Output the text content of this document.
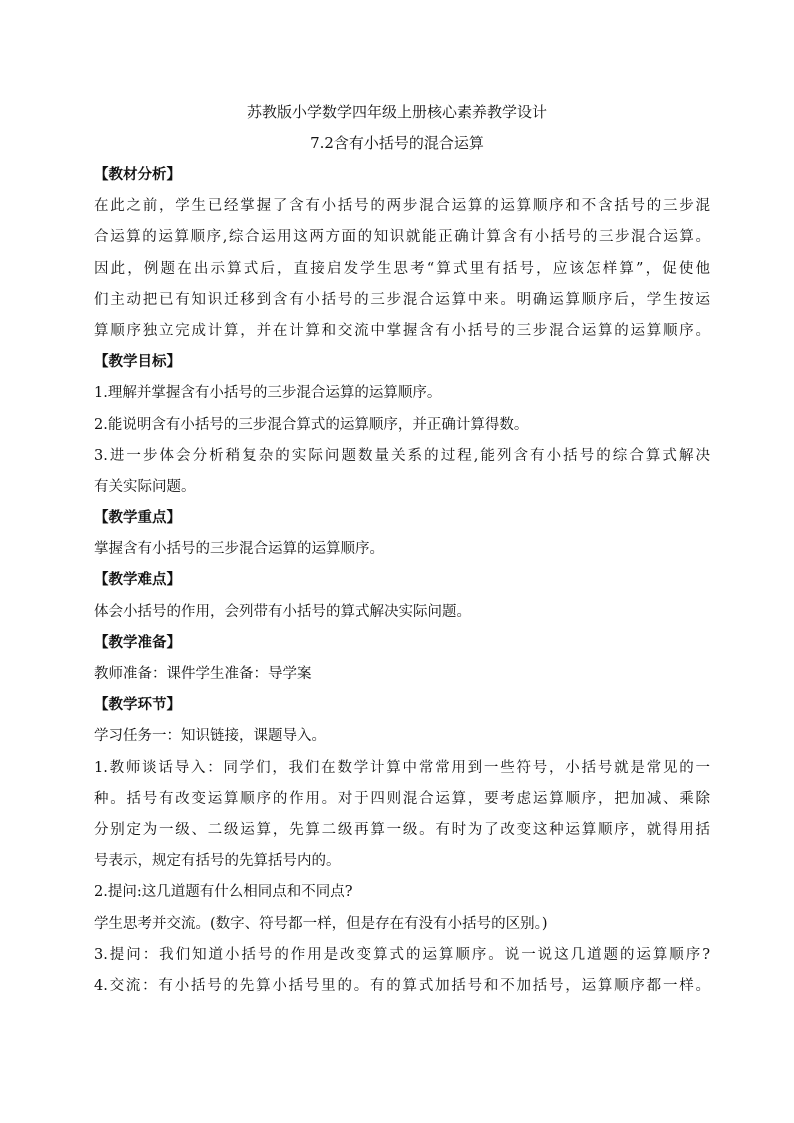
苏教版小学数学四年级上册核心素养教学设计
7.2含有小括号的混合运算
【教材分析】
在此之前，学生已经掌握了含有小括号的两步混合运算的运算顺序和不含括号的三步混
合运算的运算顺序,综合运用这两方面的知识就能正确计算含有小括号的三步混合运算。
因此，例题在出示算式后，直接启发学生思考“算式里有括号，应该怎样算”，促使他
们主动把已有知识迁移到含有小括号的三步混合运算中来。明确运算顺序后，学生按运
算顺序独立完成计算，并在计算和交流中掌握含有小括号的三步混合运算的运算顺序。
【教学目标】
1.理解并掌握含有小括号的三步混合运算的运算顺序。
2.能说明含有小括号的三步混合算式的运算顺序，并正确计算得数。
3.进一步体会分析稍复杂的实际问题数量关系的过程,能列含有小括号的综合算式解决
有关实际问题。
【教学重点】
掌握含有小括号的三步混合运算的运算顺序。
【教学难点】
体会小括号的作用，会列带有小括号的算式解决实际问题。
【教学准备】
教师准备：课件学生准备：导学案
【教学环节】
学习任务一：知识链接，课题导入。
1.教师谈话导入：同学们，我们在数学计算中常常用到一些符号，小括号就是常见的一
种。括号有改变运算顺序的作用。对于四则混合运算，要考虑运算顺序，把加减、乘除
分别定为一级、二级运算，先算二级再算一级。有时为了改变这种运算顺序，就得用括
号表示，规定有括号的先算括号内的。
2.提问:这几道题有什么相同点和不同点?
学生思考并交流。(数字、符号都一样，但是存在有没有小括号的区别。)
3.提问：我们知道小括号的作用是改变算式的运算顺序。说一说这几道题的运算顺序?
4.交流：有小括号的先算小括号里的。有的算式加括号和不加括号，运算顺序都一样。
